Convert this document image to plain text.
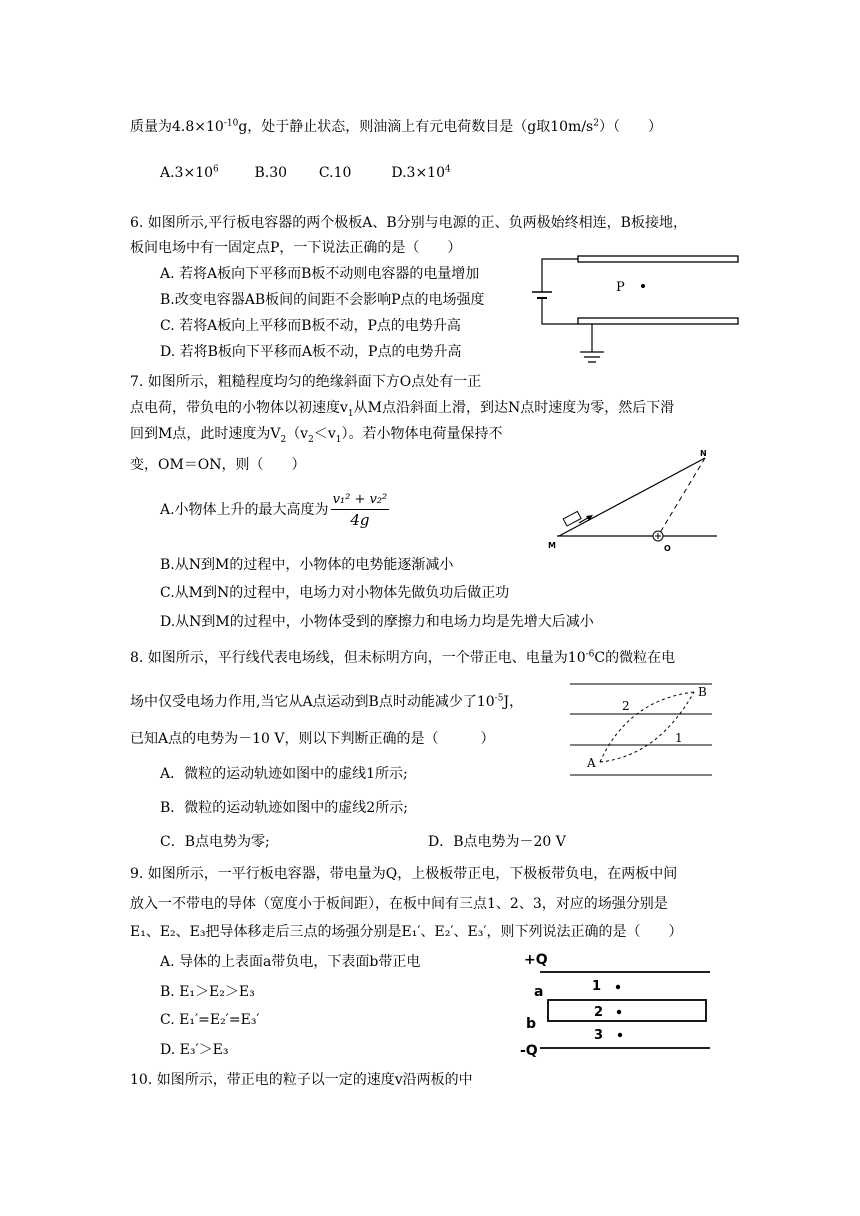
质量为$4.8\times 10^{-10}g$，处于静止状态，则油滴上有元电荷数目是（g取$10m/s^2$）（　　）
$A.3\times 10^6$	B.30 C.10	$D.3\times 10^4$
6. 如图所示,平行板电容器的两个极板A、B分别与电源的正、负两极始终相连，B板接地，
板间电场中有一固定点P，一下说法正确的是（　　）
A. 若将A板向下平移而B板不动则电容器的电量增加
B.改变电容器AB板间的间距不会影响P点的电场强度
C. 若将A板向上平移而B板不动，P点的电势升高
D. 若将B板向下平移而A板不动，P点的电势升高
P
7. 如图所示，粗糙程度均匀的绝缘斜面下方O点处有一正
点电荷，带负电的小物体以初速度$v_1$从M点沿斜面上滑，到达N点时速度为零，然后下滑
回到M点，此时速度为$V_2(v_2<v_1)$。若小物体电荷量保持不
变，OM＝ON，则（　　）
A.小物体上升的最大高度为 $\frac{\text{v₁² + v₂²}}{4g}$
B.从N到M的过程中，小物体的电势能逐渐减小
C.从M到N的过程中，电场力对小物体先做负功后做正功
D.从N到M的过程中，小物体受到的摩擦力和电场力均是先增大后减小
N
M	O
8. 如图所示，平行线代表电场线，但未标明方向，一个带正电、电量为$10^{-6}C$的微粒在电
场中仅受电场力作用,当它从A点运动到B点时动能减少了$10^{-5}J$，
已知A点的电势为－10 V，则以下判断正确的是（　　　）
A．微粒的运动轨迹如图中的虚线1所示;
B．微粒的运动轨迹如图中的虚线2所示;
C．B点电势为零;	D．B点电势为－20 V
A
B
1
2
9. 如图所示，一平行板电容器，带电量为Q，上极板带正电，下极板带负电，在两板中间
放入一不带电的导体（宽度小于板间距），在板中间有三点1、2、3，对应的场强分别是
E₁、E₂、E₃把导体移走后三点的场强分别是E₁′、E₂′、E₃′，则下列说法正确的是（　　）
A. 导体的上表面a带负电，下表面b带正电
B. E₁＞E₂＞E₃
C. E₁′=E₂′=E₃′
D. E₃′＞E₃
+Q
-Q
a
b
1
2
3
10. 如图所示，带正电的粒子以一定的速度v沿两板的中
